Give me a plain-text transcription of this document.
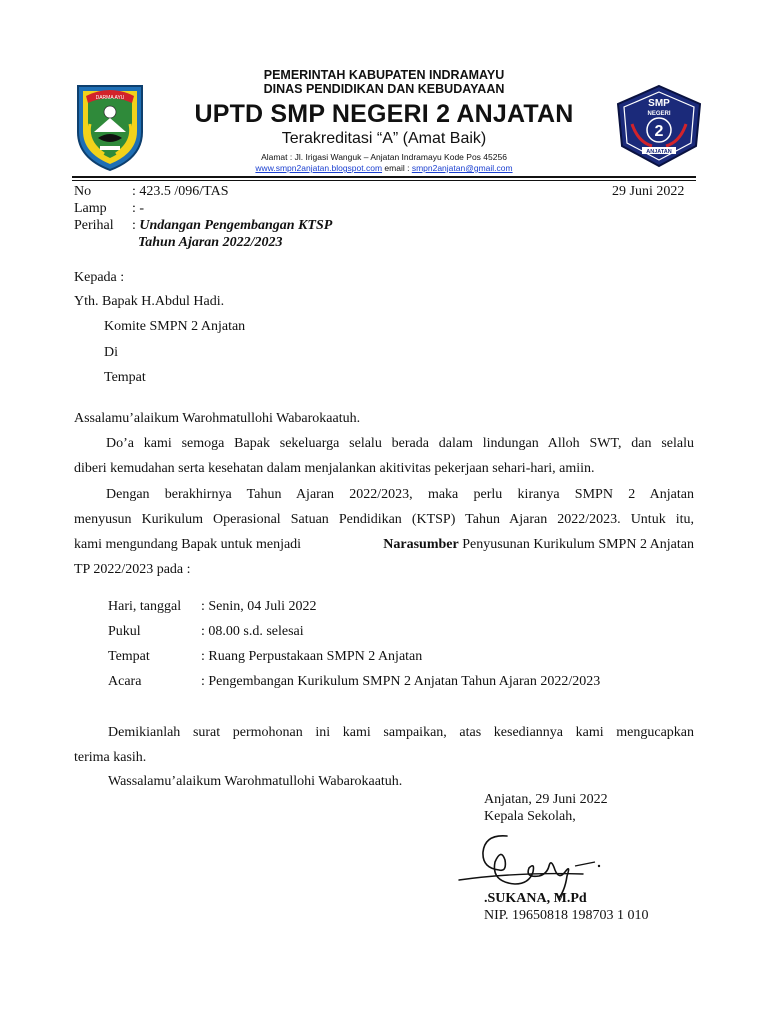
DARMA AYU	SMP
NEGERI
2
ANJATAN
PEMERINTAH KABUPATEN INDRAMAYU
DINAS PENDIDIKAN DAN KEBUDAYAAN
UPTD SMP NEGERI 2 ANJATAN
Terakreditasi “A” (Amat Baik)
Alamat : Jl. Irigasi Wanguk – Anjatan Indramayu Kode Pos 45256
www.smpn2anjatan.blogspot.com email : smpn2anjatan@gmail.com
No	: 423.5 /096/TAS	29 Juni 2022
Lamp : -
Perihal : Undangan Pengembangan KTSP
Tahun Ajaran 2022/2023
Kepada :
Yth. Bapak H.Abdul Hadi.
Komite SMPN 2 Anjatan
Di
Tempat
Assalamu’alaikum Warohmatullohi Wabarokaatuh.
Do’a kami semoga Bapak sekeluarga selalu berada dalam lindungan Alloh SWT, dan selalu
diberi kemudahan serta kesehatan dalam menjalankan akitivitas pekerjaan sehari-hari, amiin.
Dengan berakhirnya Tahun Ajaran 2022/2023, maka perlu kiranya SMPN 2 Anjatan
menyusun Kurikulum Operasional Satuan Pendidikan (KTSP) Tahun Ajaran 2022/2023. Untuk itu,
kami mengundang Bapak untuk menjadi	Narasumber Penyusunan Kurikulum SMPN 2 Anjatan
TP 2022/2023 pada :
Hari, tanggal : Senin, 04 Juli 2022
Pukul	: 08.00 s.d. selesai
Tempat	: Ruang Perpustakaan SMPN 2 Anjatan
Acara	: Pengembangan Kurikulum SMPN 2 Anjatan Tahun Ajaran 2022/2023
Demikianlah surat permohonan ini kami sampaikan, atas kesediannya kami mengucapkan
terima kasih.
Wassalamu’alaikum Warohmatullohi Wabarokaatuh.
Anjatan, 29 Juni 2022
Kepala Sekolah,
.SUKANA, M.Pd
NIP. 19650818 198703 1 010
